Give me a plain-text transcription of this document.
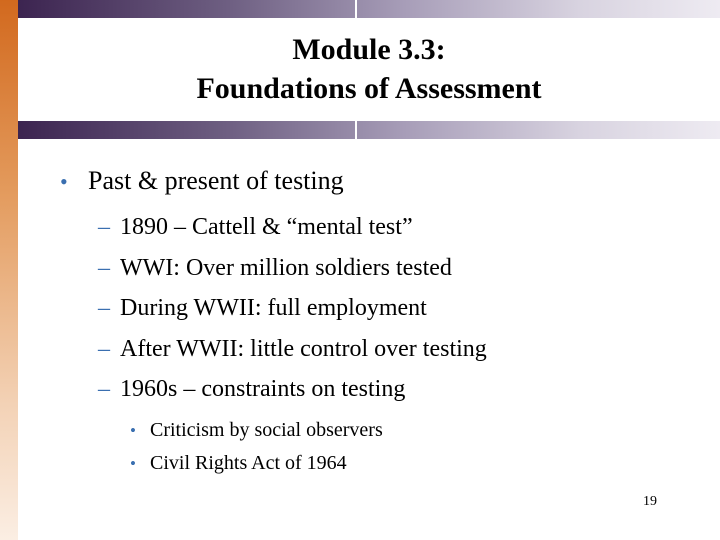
Module 3.3:
Foundations of Assessment
• Past & present of testing
– 1890 – Cattell & “mental test”
– WWI: Over million soldiers tested
– During WWII: full employment
– After WWII: little control over testing
– 1960s – constraints on testing
• Criticism by social observers
• Civil Rights Act of 1964
19
